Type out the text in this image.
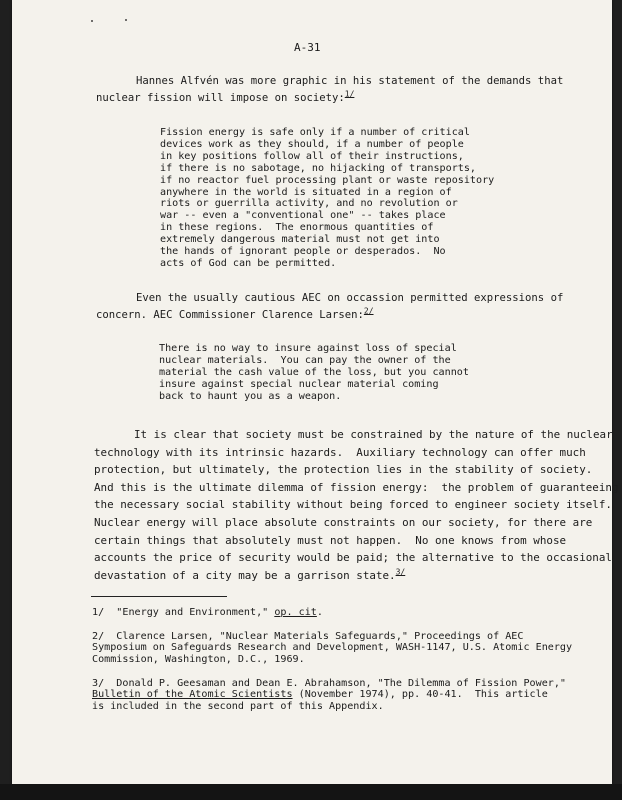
A-31
Hannes Alfvén was more graphic in his statement of the demands that
nuclear fission will impose on society:$^{1/}$
Fission energy is safe only if a number of critical
devices work as they should, if a number of people
in key positions follow all of their instructions,
if there is no sabotage, no hijacking of transports,
if no reactor fuel processing plant or waste repository
anywhere in the world is situated in a region of
riots or guerrilla activity, and no revolution or
war -- even a "conventional one" -- takes place
in these regions.  The enormous quantities of
extremely dangerous material must not get into
the hands of ignorant people or desperados.  No
acts of God can be permitted.
Even the usually cautious AEC on occassion permitted expressions of
concern. AEC Commissioner Clarence Larsen:$^{2/}$
There is no way to insure against loss of special
nuclear materials.  You can pay the owner of the
material the cash value of the loss, but you cannot
insure against special nuclear material coming
back to haunt you as a weapon.
It is clear that society must be constrained by the nature of the nuclear
technology with its intrinsic hazards.  Auxiliary technology can offer much
protection, but ultimately, the protection lies in the stability of society.
And this is the ultimate dilemma of fission energy:  the problem of guaranteeing
the necessary social stability without being forced to engineer society itself.
Nuclear energy will place absolute constraints on our society, for there are
certain things that absolutely must not happen.  No one knows from whose
accounts the price of security would be paid; the alternative to the occasional
devastation of a city may be a garrison state.$^{3/}$
1/  "Energy and Environment," op. cit.
2/  Clarence Larsen, "Nuclear Materials Safeguards," Proceedings of AEC
Symposium on Safeguards Research and Development, WASH-1147, U.S. Atomic Energy
Commission, Washington, D.C., 1969.
3/  Donald P. Geesaman and Dean E. Abrahamson, "The Dilemma of Fission Power,"
Bulletin of the Atomic Scientists (November 1974), pp. 40-41.  This article
is included in the second part of this Appendix.
